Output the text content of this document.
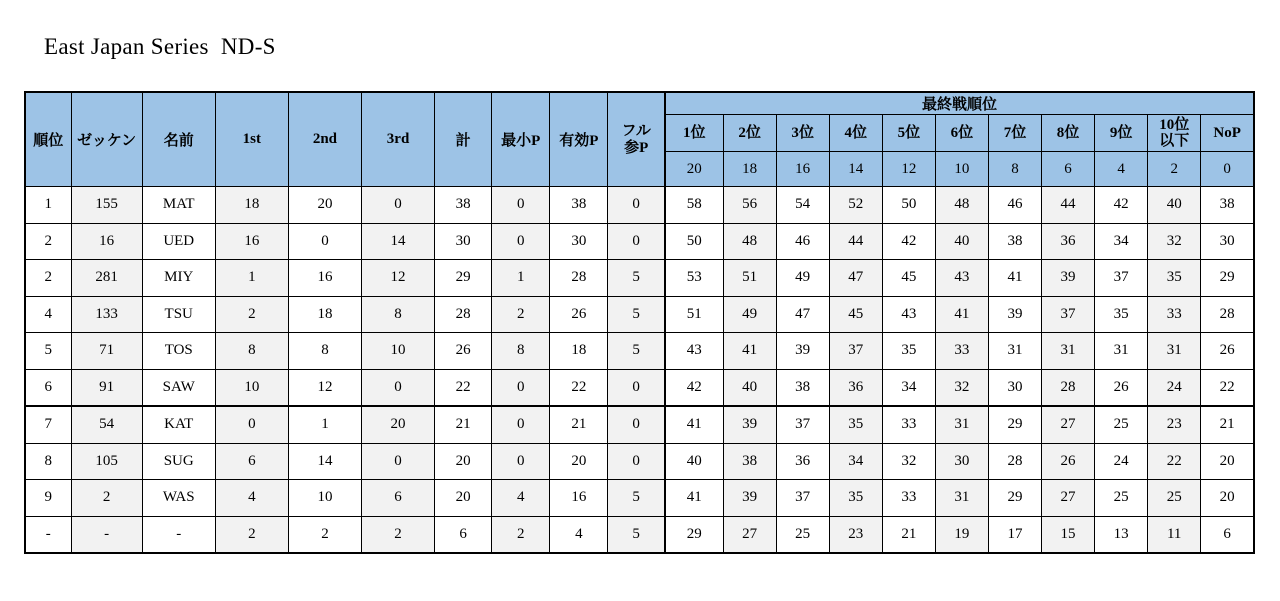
East Japan Series  ND-S
順位	ゼッケン	名前	1st	2nd	3rd	計	最小P	有効P	フル参P	最終戦順位										
										1位	2位	3位	4位	5位	6位	7位	8位	9位	10位以下	NoP
										20	18	16	14	12	10	8	6	4	2	0
1	155	MAT	18	20	0	38	0	38	0	58	56	54	52	50	48	46	44	42	40	38
2	16	UED	16	0	14	30	0	30	0	50	48	46	44	42	40	38	36	34	32	30
2	281	MIY	1	16	12	29	1	28	5	53	51	49	47	45	43	41	39	37	35	29
4	133	TSU	2	18	8	28	2	26	5	51	49	47	45	43	41	39	37	35	33	28
5	71	TOS	8	8	10	26	8	18	5	43	41	39	37	35	33	31	31	31	31	26
6	91	SAW	10	12	0	22	0	22	0	42	40	38	36	34	32	30	28	26	24	22
7	54	KAT	0	1	20	21	0	21	0	41	39	37	35	33	31	29	27	25	23	21
8	105	SUG	6	14	0	20	0	20	0	40	38	36	34	32	30	28	26	24	22	20
9	2	WAS	4	10	6	20	4	16	5	41	39	37	35	33	31	29	27	25	25	20
-	-	-	2	2	2	6	2	4	5	29	27	25	23	21	19	17	15	13	11	6
